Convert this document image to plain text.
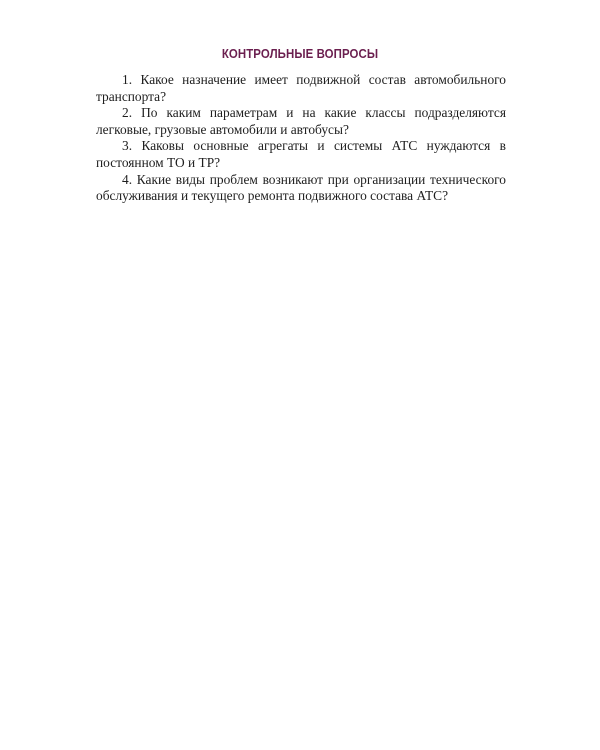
КОНТРОЛЬНЫЕ ВОПРОСЫ

1. Какое назначение имеет подвижной состав автомобильного транспорта?

2. По каким параметрам и на какие классы подразделяются легковые, грузовые автомобили и автобусы?

3. Каковы основные агрегаты и системы АТС нуждаются в постоянном ТО и ТР?

4. Какие виды проблем возникают при организации технического обслуживания и текущего ремонта подвижного состава АТС?
